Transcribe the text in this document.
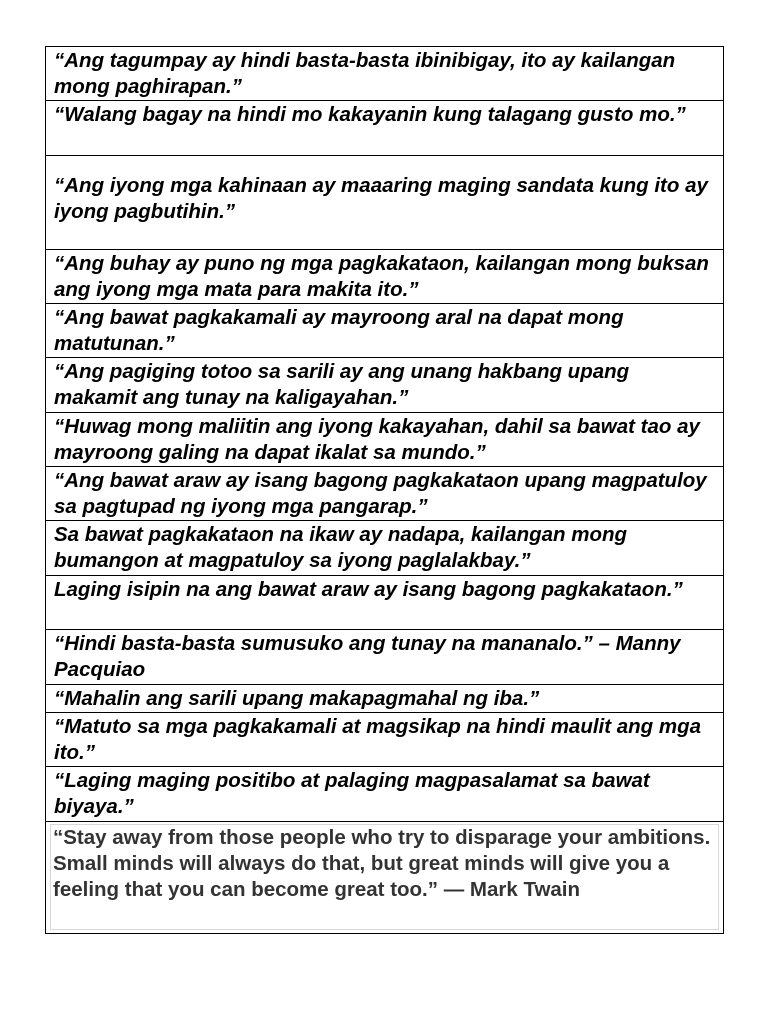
“Ang tagumpay ay hindi basta-basta ibinibigay, ito ay kailangan mong paghirapan.”
“Walang bagay na hindi mo kakayanin kung talagang gusto mo.”
“Ang iyong mga kahinaan ay maaaring maging sandata kung ito ay iyong pagbutihin.”
“Ang buhay ay puno ng mga pagkakataon, kailangan mong buksan ang iyong mga mata para makita ito.”
“Ang bawat pagkakamali ay mayroong aral na dapat mong matutunan.”
“Ang pagiging totoo sa sarili ay ang unang hakbang upang makamit ang tunay na kaligayahan.”
“Huwag mong maliitin ang iyong kakayahan, dahil sa bawat tao ay mayroong galing na dapat ikalat sa mundo.”
“Ang bawat araw ay isang bagong pagkakataon upang magpatuloy sa pagtupad ng iyong mga pangarap.”
Sa bawat pagkakataon na ikaw ay nadapa, kailangan mong bumangon at magpatuloy sa iyong paglalakbay.”
Laging isipin na ang bawat araw ay isang bagong pagkakataon.”
“Hindi basta-basta sumusuko ang tunay na mananalo.” – Manny Pacquiao
“Mahalin ang sarili upang makapagmahal ng iba.”
“Matuto sa mga pagkakamali at magsikap na hindi maulit ang mga ito.”
“Laging maging positibo at palaging magpasalamat sa bawat biyaya.”

“Stay away from those people who try to disparage your ambitions. Small minds will always do that, but great minds will give you a feeling that you can become great too.” — Mark Twain
